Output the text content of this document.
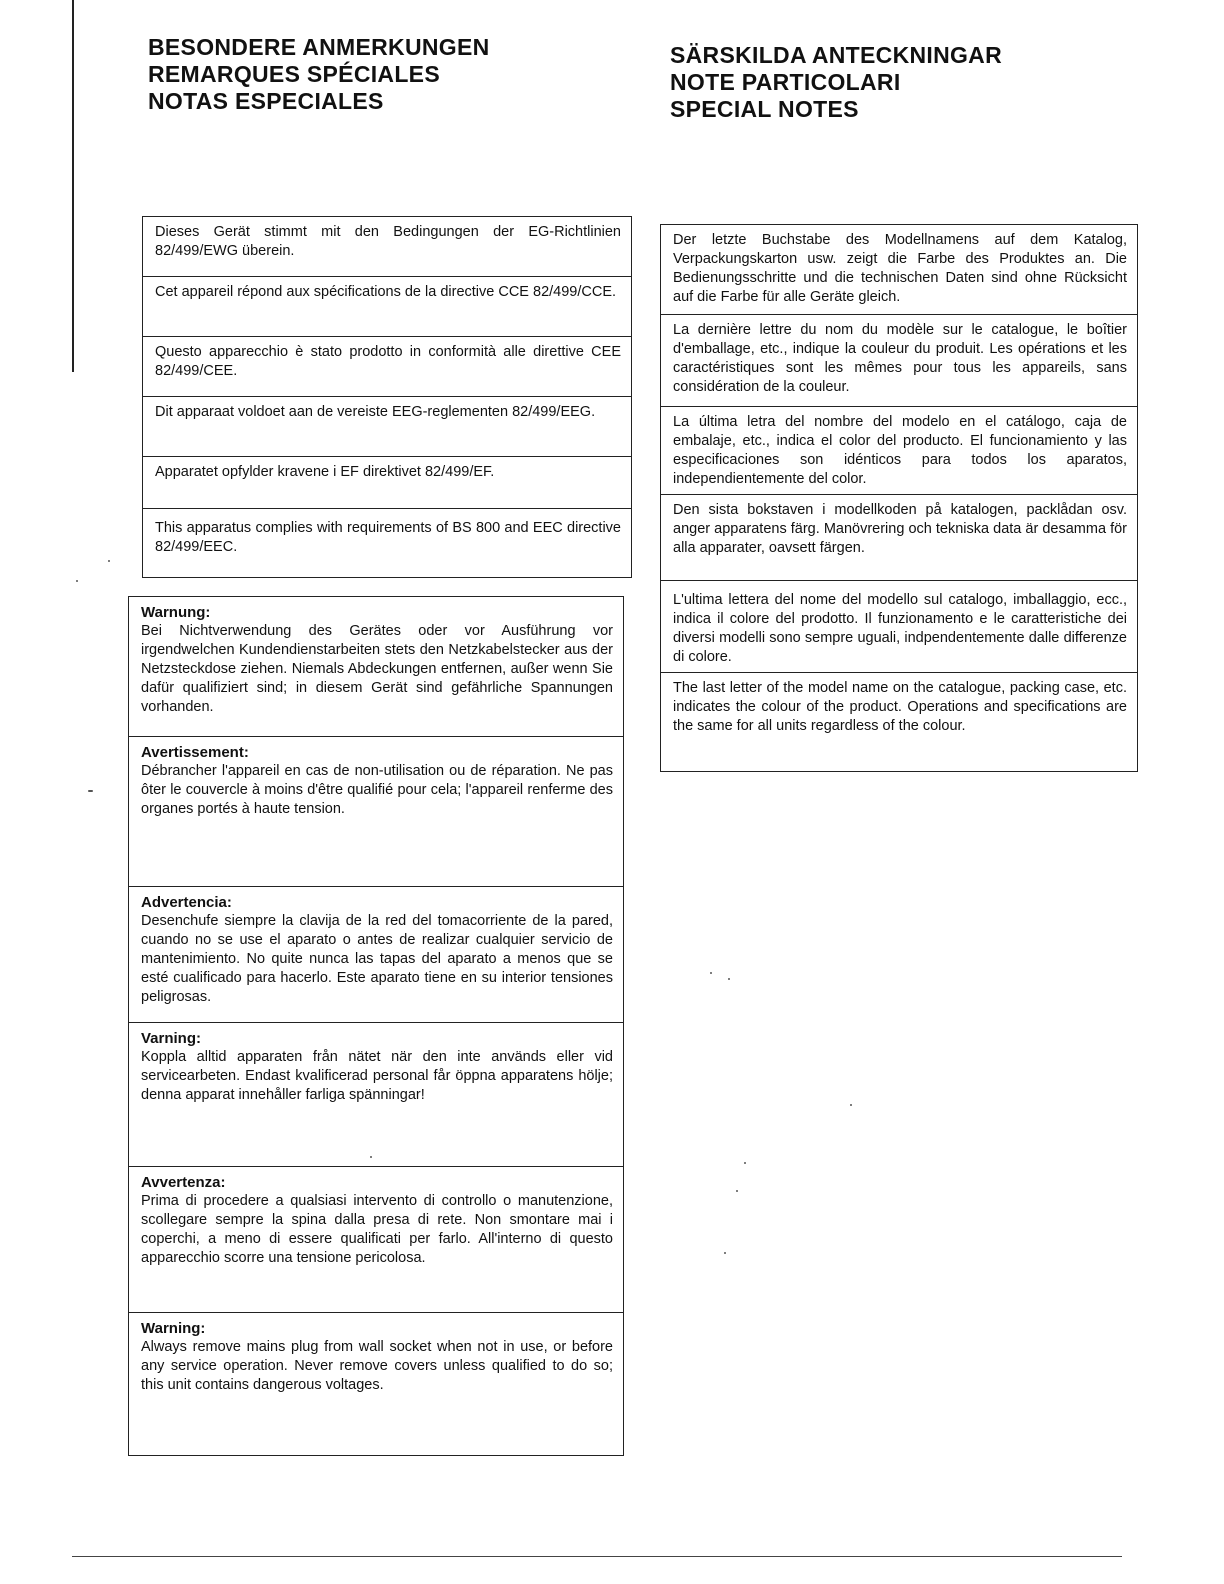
BESONDERE ANMERKUNGEN
REMARQUES SPÉCIALES
NOTAS ESPECIALES
SÄRSKILDA ANTECKNINGAR
NOTE PARTICOLARI
SPECIAL NOTES
Dieses Gerät stimmt mit den Bedingungen der EG-Richtlinien 82/499/EWG überein.
Cet appareil répond aux spécifications de la directive CCE 82/499/CCE.
Questo apparecchio è stato prodotto in conformità alle direttive CEE 82/499/CEE.
Dit apparaat voldoet aan de vereiste EEG-reglementen 82/499/EEG.
Apparatet opfylder kravene i EF direktivet 82/499/EF.
This apparatus complies with requirements of BS 800 and EEC directive 82/499/EEC.
Warnung:
Bei Nichtverwendung des Gerätes oder vor Ausführung vor irgendwelchen Kundendienstarbeiten stets den Netzkabelstecker aus der Netzsteckdose ziehen. Niemals Abdeckungen entfernen, außer wenn Sie dafür qualifiziert sind; in diesem Gerät sind gefährliche Spannungen vorhanden.
Avertissement:
Débrancher l'appareil en cas de non-utilisation ou de réparation. Ne pas ôter le couvercle à moins d'être qualifié pour cela; l'appareil renferme des organes portés à haute tension.
Advertencia:
Desenchufe siempre la clavija de la red del tomacorriente de la pared, cuando no se use el aparato o antes de realizar cualquier servicio de mantenimiento. No quite nunca las tapas del aparato a menos que se esté cualificado para hacerlo. Este aparato tiene en su interior tensiones peligrosas.
Varning:
Koppla alltid apparaten från nätet när den inte används eller vid servicearbeten. Endast kvalificerad personal får öppna apparatens hölje; denna apparat innehåller farliga spänningar!
Avvertenza:
Prima di procedere a qualsiasi intervento di controllo o manutenzione, scollegare sempre la spina dalla presa di rete. Non smontare mai i coperchi, a meno di essere qualificati per farlo. All'interno di questo apparecchio scorre una tensione pericolosa.
Warning:
Always remove mains plug from wall socket when not in use, or before any service operation. Never remove covers unless qualified to do so; this unit contains dangerous voltages.
Der letzte Buchstabe des Modellnamens auf dem Katalog, Verpackungskarton usw. zeigt die Farbe des Produktes an. Die Bedienungsschritte und die technischen Daten sind ohne Rücksicht auf die Farbe für alle Geräte gleich.
La dernière lettre du nom du modèle sur le catalogue, le boîtier d'emballage, etc., indique la couleur du produit. Les opérations et les caractéristiques sont les mêmes pour tous les appareils, sans considération de la couleur.
La última letra del nombre del modelo en el catálogo, caja de embalaje, etc., indica el color del producto. El funcionamiento y las especificaciones son idénticos para todos los aparatos, independientemente del color.
Den sista bokstaven i modellkoden på katalogen, packlådan osv. anger apparatens färg. Manövrering och tekniska data är desamma för alla apparater, oavsett färgen.
L'ultima lettera del nome del modello sul catalogo, imballaggio, ecc., indica il colore del prodotto. Il funzionamento e le caratteristiche dei diversi modelli sono sempre uguali, indpendentemente dalle differenze di colore.
The last letter of the model name on the catalogue, packing case, etc. indicates the colour of the product. Operations and specifications are the same for all units regardless of the colour.
